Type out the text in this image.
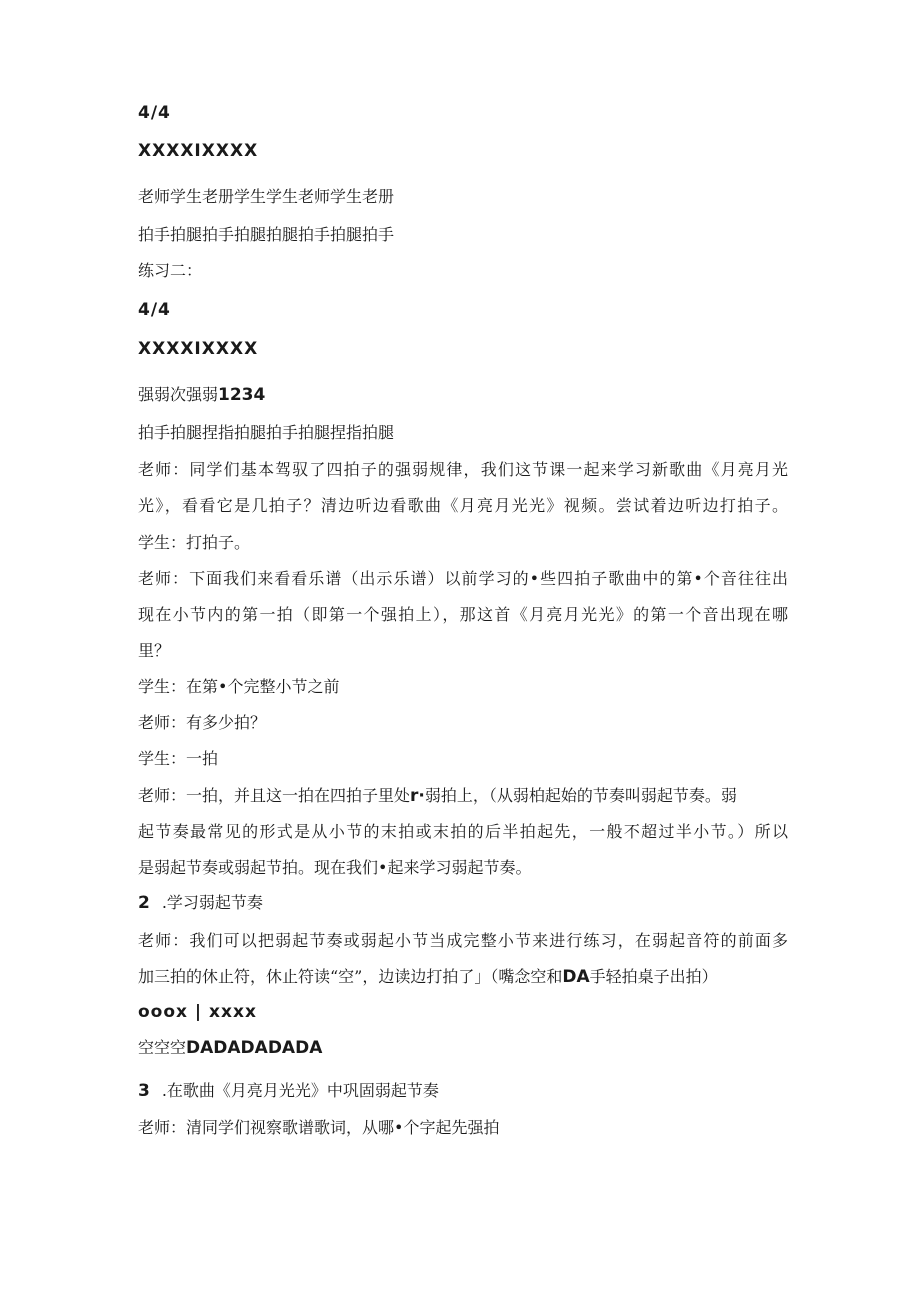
4/4

XXXXIXXXX

老师学生老册学生学生老师学生老册

拍手拍腿拍手拍腿拍腿拍手拍腿拍手

练习二：

4/4

XXXXIXXXX

强弱次强弱1234

拍手拍腿捏指拍腿拍手拍腿捏指拍腿

老师：同学们基本驾驭了四拍子的强弱规律，我们这节课一起来学习新歌曲《月亮月光

光》，看看它是几拍子？清边听边看歌曲《月亮月光光》视频。尝试着边听边打拍子。

学生：打拍子。

老师：下面我们来看看乐谱（出示乐谱）以前学习的•些四拍子歌曲中的第•个音往往出

现在小节内的第一拍（即第一个强拍上），那这首《月亮月光光》的第一个音出现在哪

里？

学生：在第•个完整小节之前

老师：有多少拍？

学生：一拍

老师：一拍，并且这一拍在四拍子里处r·弱拍上，（从弱柏起始的节奏叫弱起节奏。弱

起节奏最常见的形式是从小节的末拍或末拍的后半拍起先，一般不超过半小节。）所以

是弱起节奏或弱起节拍。现在我们•起来学习弱起节奏。

2 .学习弱起节奏

老师：我们可以把弱起节奏或弱起小节当成完整小节来进行练习，在弱起音符的前面多

加三拍的休止符，休止符读“空”，边读边打拍了」（嘴念空和DA手轻拍桌子出拍）

ooox | xxxx

空空空DADADADADA

3 .在歌曲《月亮月光光》中巩固弱起节奏

老师：清同学们视察歌谱歌词，从哪•个字起先强拍
